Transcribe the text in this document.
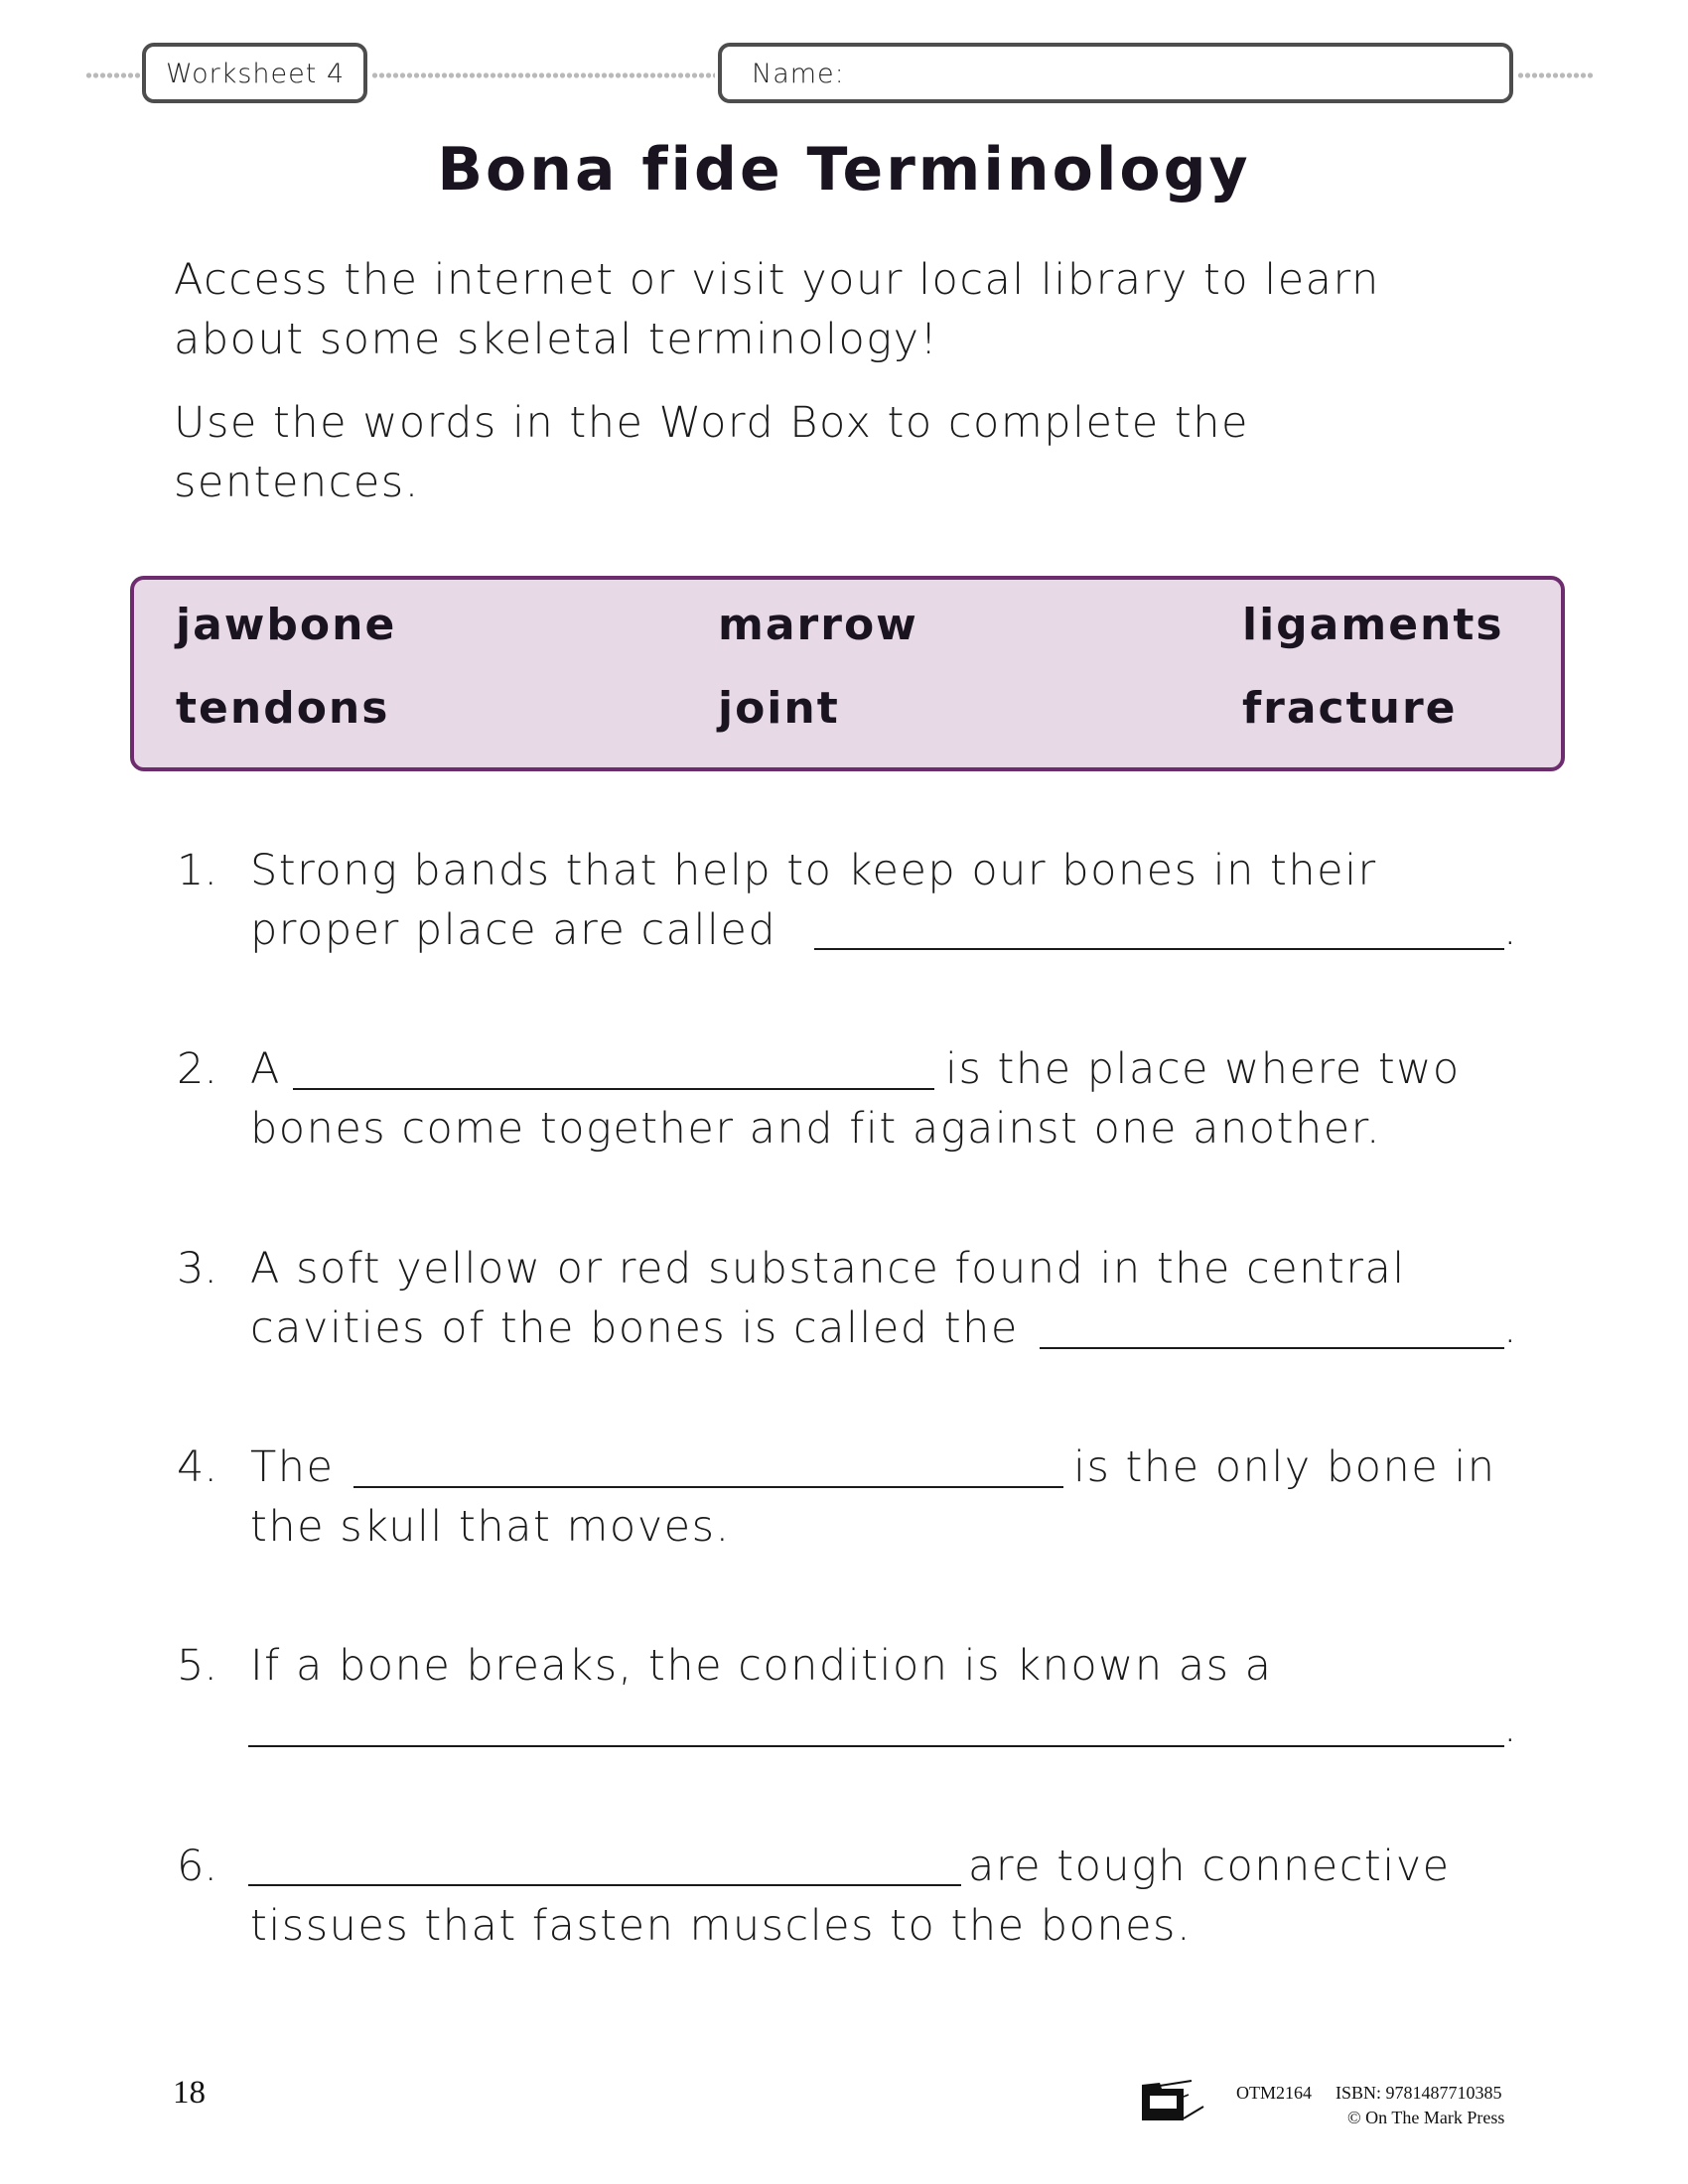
Worksheet 4	Name:
Bona fide Terminology
Access the internet or visit your local library to learn
about some skeletal terminology!
Use the words in the Word Box to complete the
sentences.
jawbone	marrow	ligaments
tendons	joint	fracture
1. Strong bands that help to keep our bones in their
proper place are called	.
2. A	is the place where two
bones come together and fit against one another.
3. A soft yellow or red substance found in the central
cavities of the bones is called the	.
4. The	is the only bone in
the skull that moves.
5. If a bone breaks, the condition is known as a
.
6.	are tough connective
tissues that fasten muscles to the bones.
18	OTM2164 ISBN: 9781487710385
© On The Mark Press
